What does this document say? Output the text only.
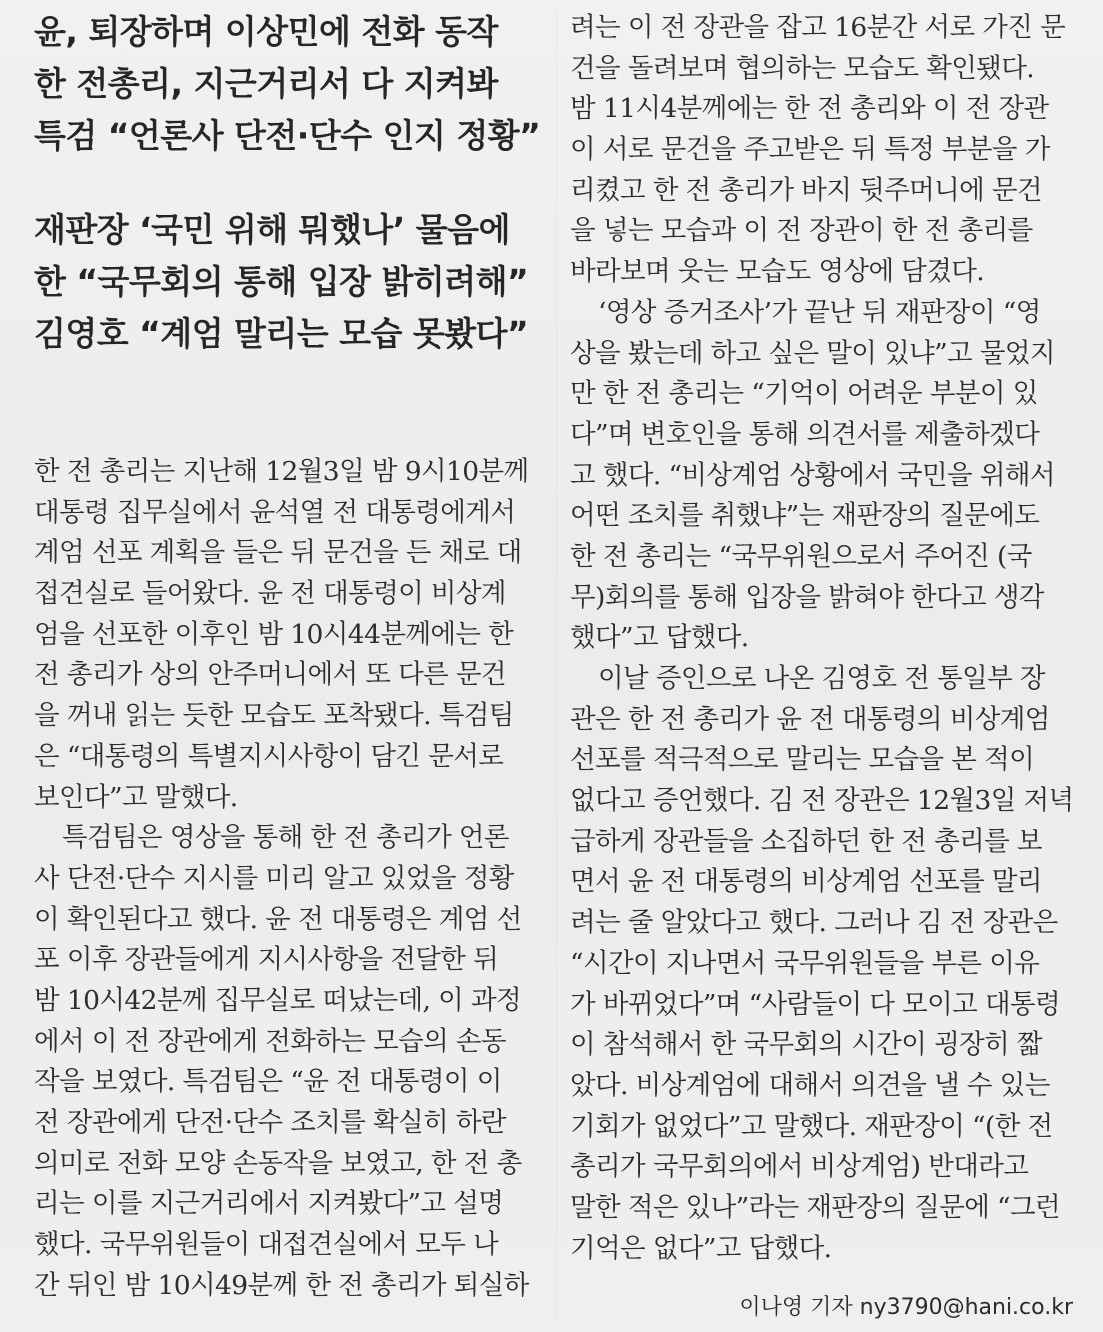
윤, 퇴장하며 이상민에 전화 동작
한 전총리, 지근거리서 다 지켜봐
특검 “언론사 단전·단수 인지 정황”
재판장 ‘국민 위해 뭐했나’ 물음에
한 “국무회의 통해 입장 밝히려해”
김영호 “계엄 말리는 모습 못봤다”
한 전 총리는 지난해 12월3일 밤 9시10분께
대통령 집무실에서 윤석열 전 대통령에게서
계엄 선포 계획을 들은 뒤 문건을 든 채로 대
접견실로 들어왔다. 윤 전 대통령이 비상계
엄을 선포한 이후인 밤 10시44분께에는 한
전 총리가 상의 안주머니에서 또 다른 문건
을 꺼내 읽는 듯한 모습도 포착됐다. 특검팀
은 “대통령의 특별지시사항이 담긴 문서로
보인다”고 말했다.
특검팀은 영상을 통해 한 전 총리가 언론
사 단전·단수 지시를 미리 알고 있었을 정황
이 확인된다고 했다. 윤 전 대통령은 계엄 선
포 이후 장관들에게 지시사항을 전달한 뒤
밤 10시42분께 집무실로 떠났는데, 이 과정
에서 이 전 장관에게 전화하는 모습의 손동
작을 보였다. 특검팀은 “윤 전 대통령이 이
전 장관에게 단전·단수 조치를 확실히 하란
의미로 전화 모양 손동작을 보였고, 한 전 총
리는 이를 지근거리에서 지켜봤다”고 설명
했다. 국무위원들이 대접견실에서 모두 나
간 뒤인 밤 10시49분께 한 전 총리가 퇴실하
려는 이 전 장관을 잡고 16분간 서로 가진 문
건을 돌려보며 협의하는 모습도 확인됐다.
밤 11시4분께에는 한 전 총리와 이 전 장관
이 서로 문건을 주고받은 뒤 특정 부분을 가
리켰고 한 전 총리가 바지 뒷주머니에 문건
을 넣는 모습과 이 전 장관이 한 전 총리를
바라보며 웃는 모습도 영상에 담겼다.
‘영상 증거조사’가 끝난 뒤 재판장이 “영
상을 봤는데 하고 싶은 말이 있냐”고 물었지
만 한 전 총리는 “기억이 어려운 부분이 있
다”며 변호인을 통해 의견서를 제출하겠다
고 했다. “비상계엄 상황에서 국민을 위해서
어떤 조치를 취했냐”는 재판장의 질문에도
한 전 총리는 “국무위원으로서 주어진 (국
무)회의를 통해 입장을 밝혀야 한다고 생각
했다”고 답했다.
이날 증인으로 나온 김영호 전 통일부 장
관은 한 전 총리가 윤 전 대통령의 비상계엄
선포를 적극적으로 말리는 모습을 본 적이
없다고 증언했다. 김 전 장관은 12월3일 저녁
급하게 장관들을 소집하던 한 전 총리를 보
면서 윤 전 대통령의 비상계엄 선포를 말리
려는 줄 알았다고 했다. 그러나 김 전 장관은
“시간이 지나면서 국무위원들을 부른 이유
가 바뀌었다”며 “사람들이 다 모이고 대통령
이 참석해서 한 국무회의 시간이 굉장히 짧
았다. 비상계엄에 대해서 의견을 낼 수 있는
기회가 없었다”고 말했다. 재판장이 “(한 전
총리가 국무회의에서 비상계엄) 반대라고
말한 적은 있나”라는 재판장의 질문에 “그런
기억은 없다”고 답했다.
이나영 기자 ny3790@hani.co.kr
